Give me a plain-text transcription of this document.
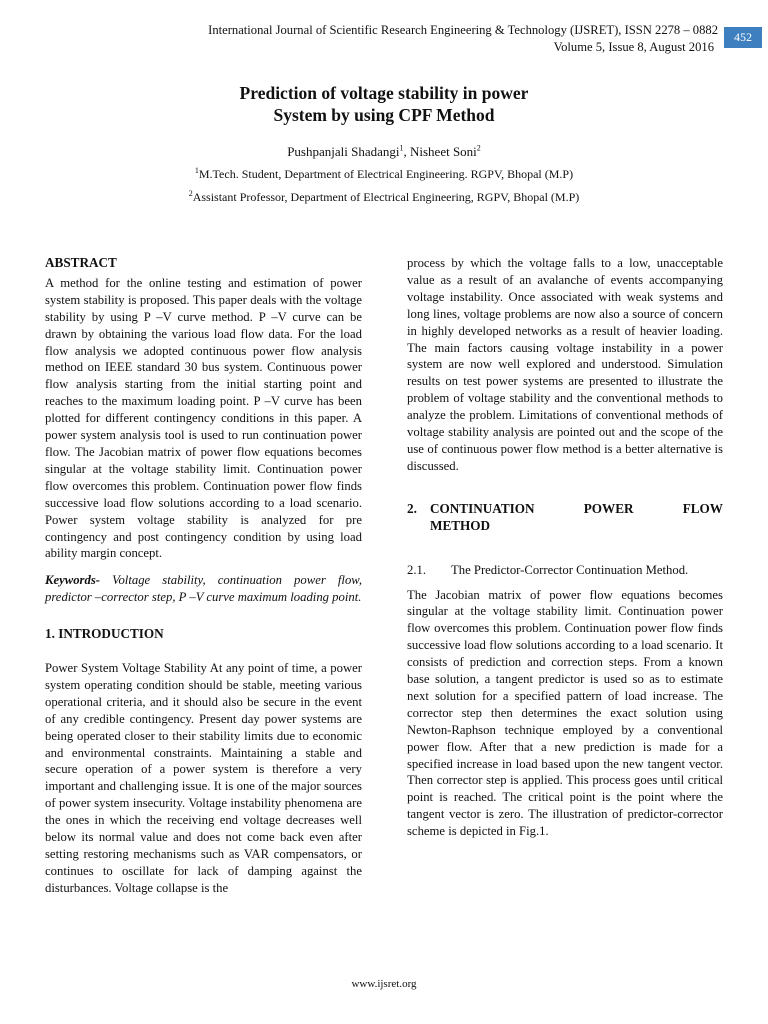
International Journal of Scientific Research Engineering & Technology (IJSRET), ISSN 2278 – 0882
Volume 5, Issue 8, August 2016
452
Prediction of voltage stability in power
System by using CPF Method
Pushpanjali Shadangi$^1$, Nisheet Soni$^2$
$^1$M.Tech. Student, Department of Electrical Engineering. RGPV, Bhopal (M.P)
$^2$Assistant Professor, Department of Electrical Engineering, RGPV, Bhopal (M.P)
ABSTRACT

A method for the online testing and estimation of power system stability is proposed. This paper deals with the voltage stability by using P –V curve method. P –V curve can be drawn by obtaining the various load flow data. For the load flow analysis we adopted continuous power flow analysis method on IEEE standard 30 bus system. Continuous power flow analysis starting from the initial starting point and reaches to the maximum loading point. P –V curve has been plotted for different contingency conditions in this paper. A power system analysis tool is used to run continuation power flow. The Jacobian matrix of power flow equations becomes singular at the voltage stability limit. Continuation power flow overcomes this problem. Continuation power flow finds successive load flow solutions according to a load scenario. Power system voltage stability is analyzed for pre contingency and post contingency condition by using load ability margin concept.

Keywords- Voltage stability, continuation power flow, predictor –corrector step, P –V curve maximum loading point.

1. INTRODUCTION

Power System Voltage Stability At any point of time, a power system operating condition should be stable, meeting various operational criteria, and it should also be secure in the event of any credible contingency. Present day power systems are being operated closer to their stability limits due to economic and environmental constraints. Maintaining a stable and secure operation of a power system is therefore a very important and challenging issue. It is one of the major sources of power system insecurity. Voltage instability phenomena are the ones in which the receiving end voltage decreases well below its normal value and does not come back even after setting restoring mechanisms such as VAR compensators, or continues to oscillate for lack of damping against the disturbances. Voltage collapse is the

process by which the voltage falls to a low, unacceptable value as a result of an avalanche of events accompanying voltage instability. Once associated with weak systems and long lines, voltage problems are now also a source of concern in highly developed networks as a result of heavier loading. The main factors causing voltage instability in a power system are now well explored and understood. Simulation results on test power systems are presented to illustrate the problem of voltage stability and the conventional methods to analyze the problem. Limitations of conventional methods of voltage stability analysis are pointed out and the scope of the use of continuous power flow method is a better alternative is discussed.

2. CONTINUATION	POWER	FLOW
METHOD
2.1.	The Predictor-Corrector Continuation Method.

The Jacobian matrix of power flow equations becomes singular at the voltage stability limit. Continuation power flow overcomes this problem. Continuation power flow finds successive load flow solutions according to a load scenario. It consists of prediction and correction steps. From a known base solution, a tangent predictor is used so as to estimate next solution for a specified pattern of load increase. The corrector step then determines the exact solution using Newton-Raphson technique employed by a conventional power flow. After that a new prediction is made for a specified increase in load based upon the new tangent vector. Then corrector step is applied. This process goes until critical point is reached. The critical point is the point where the tangent vector is zero. The illustration of predictor-corrector scheme is depicted in Fig.1.

www.ijsret.org
